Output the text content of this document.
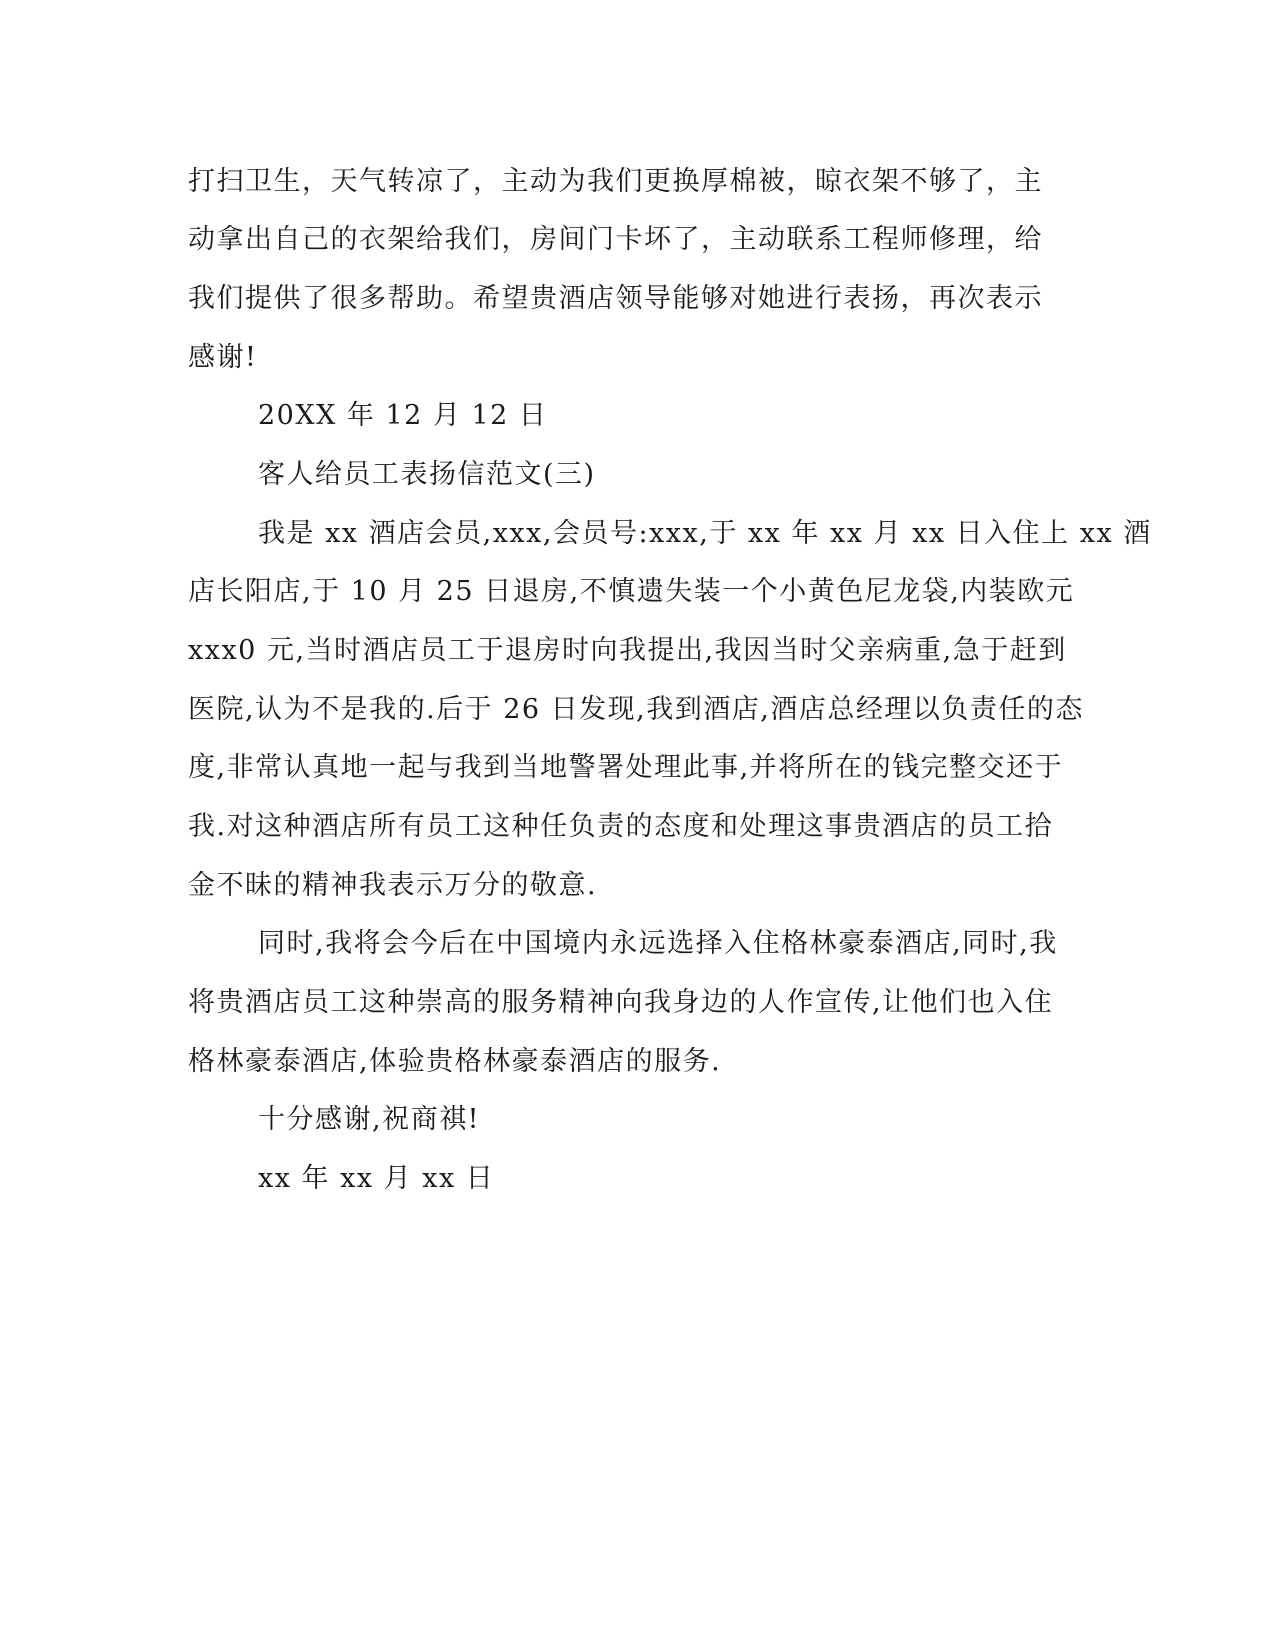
打扫卫生，天气转凉了，主动为我们更换厚棉被，晾衣架不够了，主
动拿出自己的衣架给我们，房间门卡坏了，主动联系工程师修理，给
我们提供了很多帮助。希望贵酒店领导能够对她进行表扬，再次表示
感谢!
20XX 年 12 月 12 日
客人给员工表扬信范文(三)
我是 xx 酒店会员,xxx,会员号:xxx,于 xx 年 xx 月 xx 日入住上 xx 酒
店长阳店,于 10 月 25 日退房,不慎遗失装一个小黄色尼龙袋,内装欧元
xxx0 元,当时酒店员工于退房时向我提出,我因当时父亲病重,急于赶到
医院,认为不是我的.后于 26 日发现,我到酒店,酒店总经理以负责任的态
度,非常认真地一起与我到当地警署处理此事,并将所在的钱完整交还于
我.对这种酒店所有员工这种任负责的态度和处理这事贵酒店的员工拾
金不昧的精神我表示万分的敬意.
同时,我将会今后在中国境内永远选择入住格林豪泰酒店,同时,我
将贵酒店员工这种崇高的服务精神向我身边的人作宣传,让他们也入住
格林豪泰酒店,体验贵格林豪泰酒店的服务.
十分感谢,祝商祺!
xx 年 xx 月 xx 日
